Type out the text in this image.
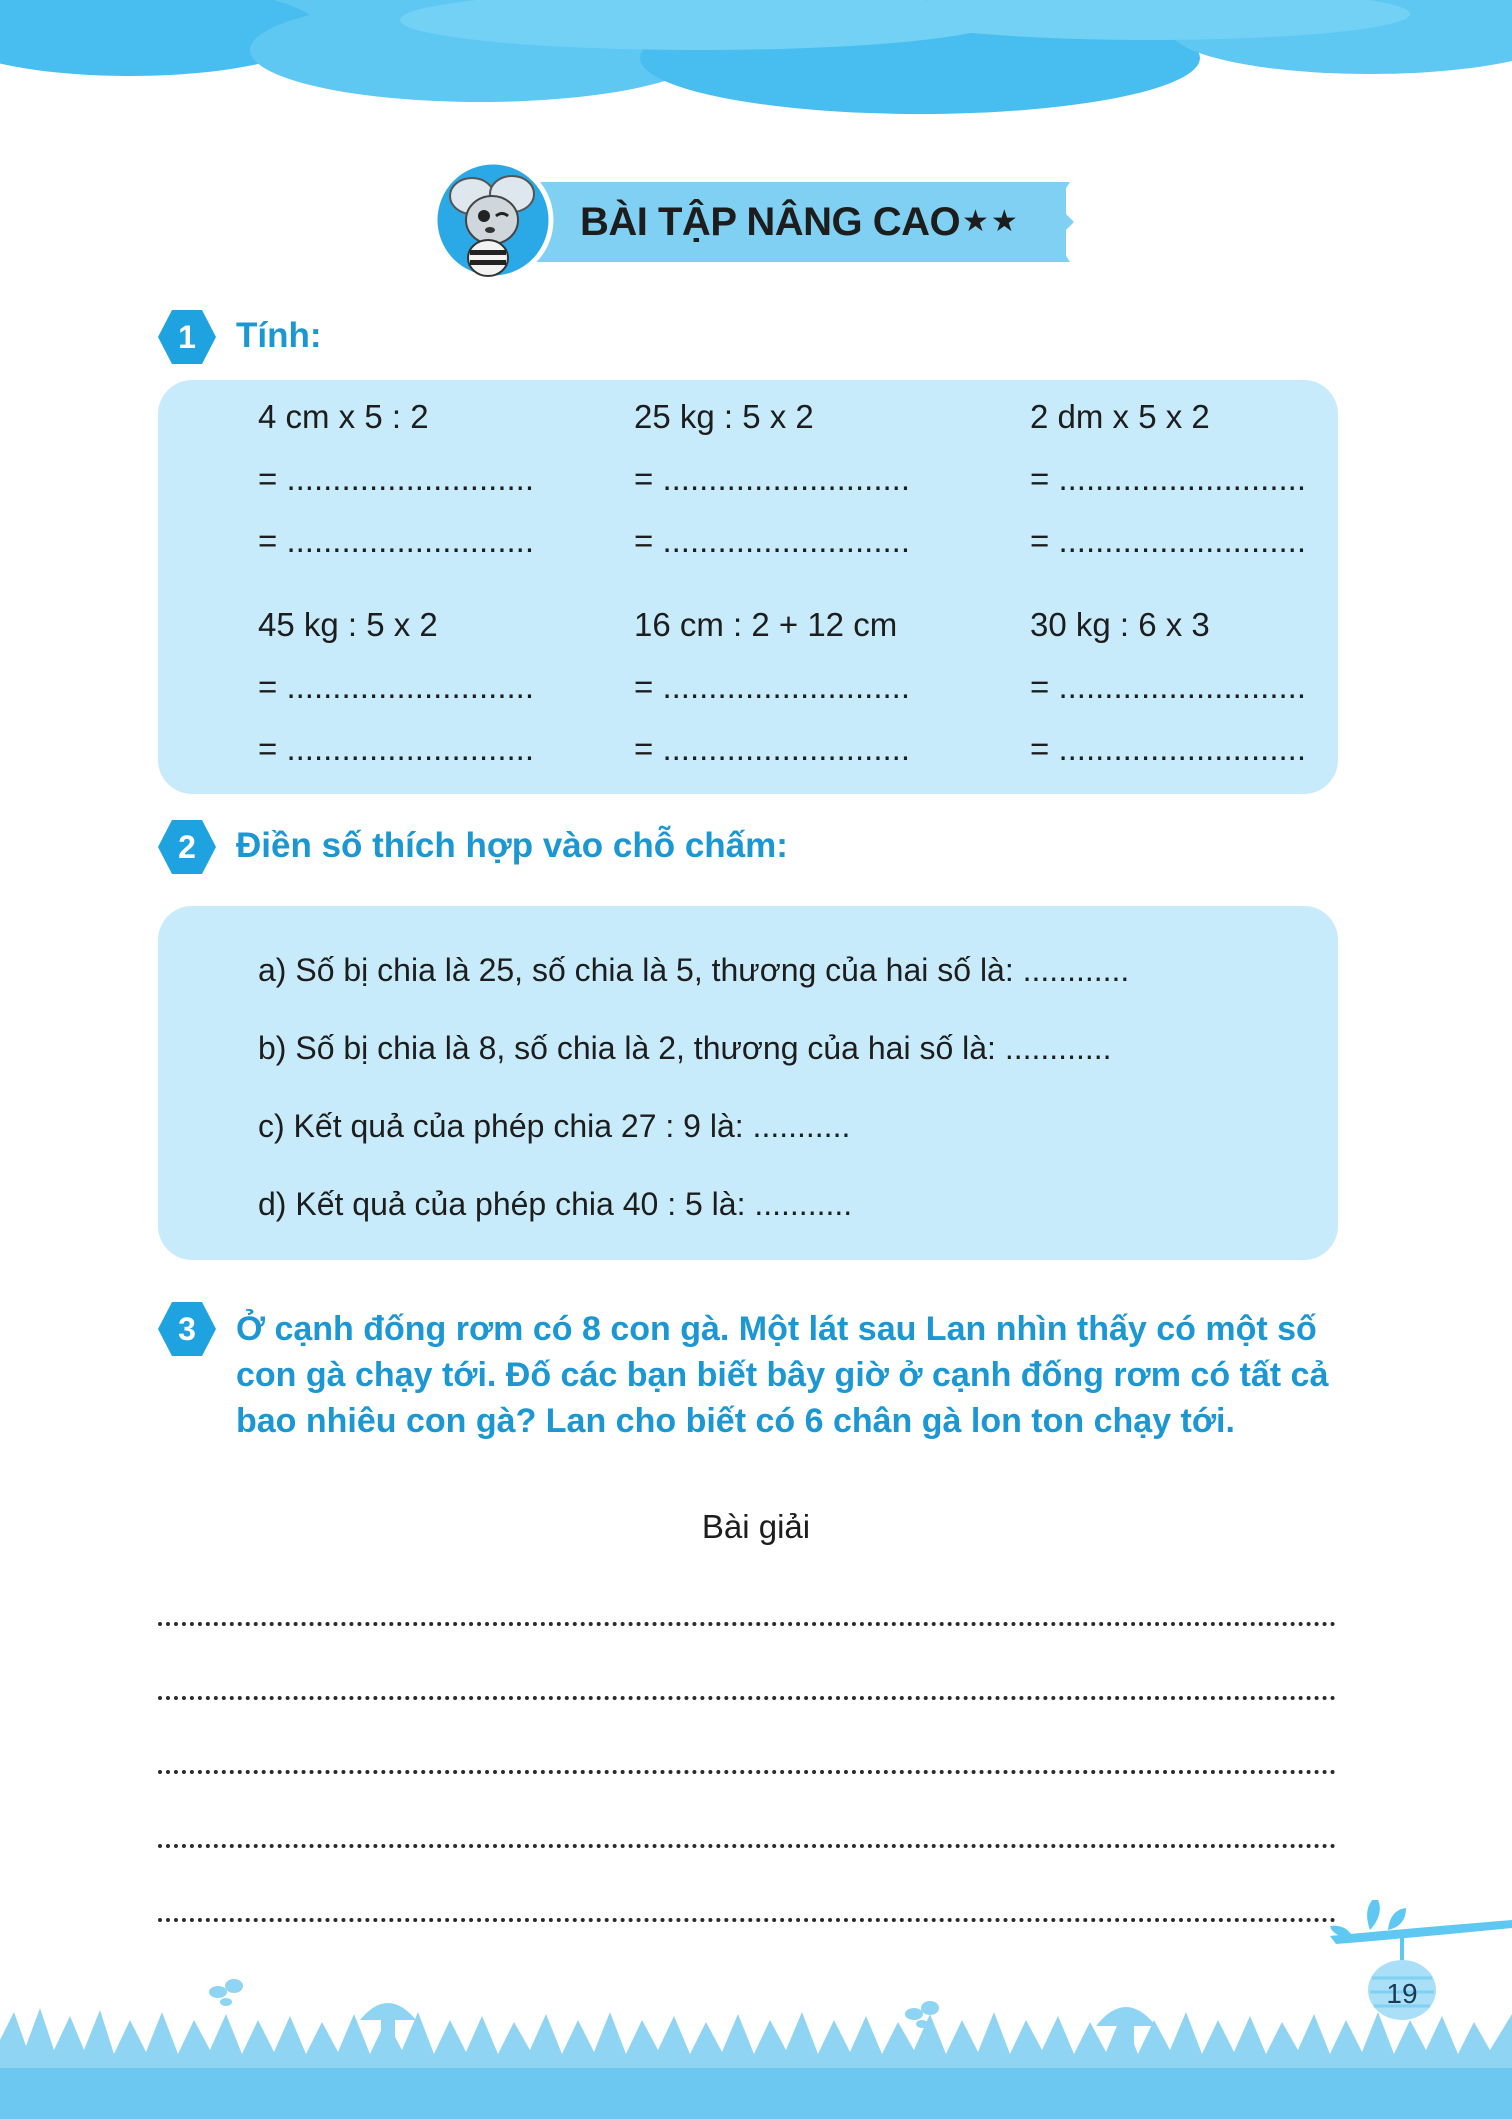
BÀI TẬP NÂNG CAO ★★
1	Tính:
4 cm x 5 : 2
= ...........................
= ...........................
25 kg : 5 x 2
= ...........................
= ...........................
2 dm x 5 x 2
= ...........................
= ...........................
45 kg : 5 x 2
= ...........................
= ...........................
16 cm : 2 + 12 cm
= ...........................
= ...........................
30 kg : 6 x 3
= ...........................
= ...........................
2	Điền số thích hợp vào chỗ chấm:
a) Số bị chia là 25, số chia là 5, thương của hai số là: ............
b) Số bị chia là 8, số chia là 2, thương của hai số là: ............
c) Kết quả của phép chia 27 : 9 là: ...........
d) Kết quả của phép chia 40 : 5 là: ...........
3	Ở cạnh đống rơm có 8 con gà. Một lát sau Lan nhìn thấy có một số con gà chạy tới. Đố các bạn biết bây giờ ở cạnh đống rơm có tất cả bao nhiêu con gà? Lan cho biết có 6 chân gà lon ton chạy tới.
Bài giải
19
